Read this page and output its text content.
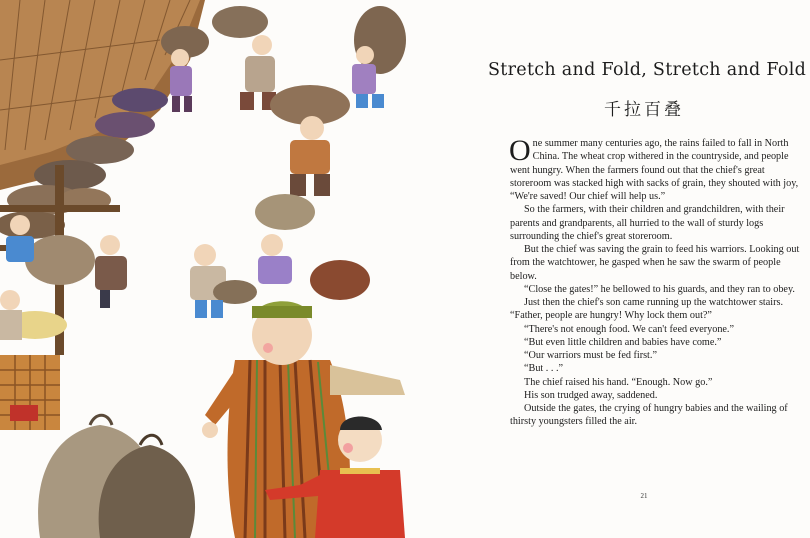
Stretch and Fold, Stretch and Fold
千拉百叠

One summer many centuries ago, the rains failed to fall in North China. The wheat crop withered in the countryside, and people went hungry. When the farmers found out that the chief's great storeroom was stacked high with sacks of grain, they shouted with joy, “We're saved! Our chief will help us.”

So the farmers, with their children and grandchildren, with their parents and grandparents, all hurried to the wall of sturdy logs surrounding the chief's great storeroom.

But the chief was saving the grain to feed his warriors. Looking out from the watchtower, he gasped when he saw the swarm of people below.

“Close the gates!” he bellowed to his guards, and they ran to obey.

Just then the chief's son came running up the watchtower stairs. “Father, people are hungry! Why lock them out?”

“There's not enough food. We can't feed everyone.”

“But even little children and babies have come.”

“Our warriors must be fed first.”

“But . . .”

The chief raised his hand. “Enough. Now go.”

His son trudged away, saddened.

Outside the gates, the crying of hungry babies and the wailing of thirsty youngsters filled the air.

21
